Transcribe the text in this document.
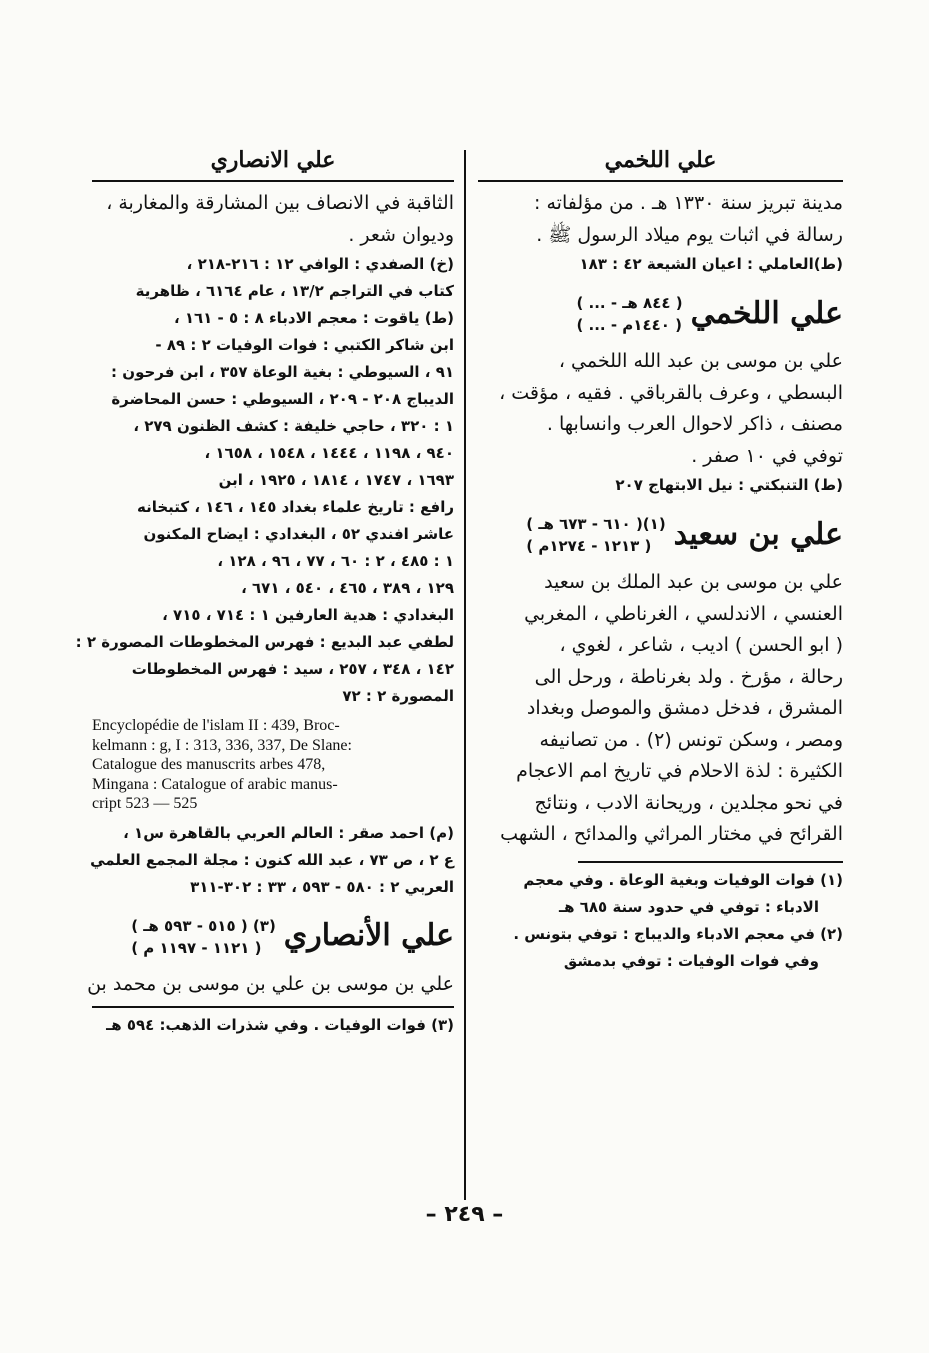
علي اللخمي
مدينة تبريز سنة ١٣٣٠ هـ . من مؤلفاته :
رسالة في اثبات يوم ميلاد الرسول ﷺ .
(ط)العاملي : اعيان الشيعة ٤٢ : ١٨٣
علي اللخمي
( ... - ٨٤٤ هـ )
( ... - ١٤٤٠م )
علي بن موسى بن عبد الله اللخمي ،
البسطي ، وعرف بالقرباقي . فقيه ، مؤقت ،
مصنف ، ذاكر لاحوال العرب وانسابها .
توفي في ١٠ صفر .
(ط) التنبكتي : نيل الابتهاج ٢٠٧
علي بن سعيد
( ٦١٠ - ٦٧٣ هـ )(١)
( ١٢١٣ - ١٢٧٤م )
علي بن موسى بن عبد الملك بن سعيد
العنسي ، الاندلسي ، الغرناطي ، المغربي
( ابو الحسن ) اديب ، شاعر ، لغوي ،
رحالة ، مؤرخ . ولد بغرناطة ، ورحل الى
المشرق ، فدخل دمشق والموصل وبغداد
ومصر ، وسكن تونس (٢) . من تصانيفه
الكثيرة : لذة الاحلام في تاريخ امم الاعجام
في نحو مجلدين ، وريحانة الادب ، ونتائج
القرائح في مختار المراثي والمدائح ، الشهب
(١) فوات الوفيات وبغية الوعاة . وفي معجم
الادباء : توفي في حدود سنة ٦٨٥ هـ
(٢) في معجم الادباء والديباج : توفي بتونس .
وفي فوات الوفيات : توفي بدمشق
علي الانصاري
الثاقبة في الانصاف بين المشارقة والمغاربة ،
وديوان شعر .
(خ) الصفدي : الوافي ١٢ : ٢١٦-٢١٨ ،
كتاب في التراجم ١٣/٢ ، عام ٦١٦٤ ، ظاهرية
(ط) ياقوت : معجم الادباء ٨ : ٥ - ١٦١ ،
ابن شاكر الكتبي : فوات الوفيات ٢ : ٨٩ -
٩١ ، السيوطي : بغية الوعاة ٣٥٧ ، ابن فرحون :
الديباج ٢٠٨ - ٢٠٩ ، السيوطي : حسن المحاضرة
١ : ٣٢٠ ، حاجي خليفة : كشف الظنون ٢٧٩ ،
٩٤٠ ، ١١٩٨ ، ١٤٤٤ ، ١٥٤٨ ، ١٦٥٨ ،
١٦٩٣ ، ١٧٤٧ ، ١٨١٤ ، ١٩٢٥ ، ابن
رافع : تاريخ علماء بغداد ١٤٥ ، ١٤٦ ، كتبخانه
عاشر افندي ٥٢ ، البغدادي : ايضاح المكنون
١ : ٤٨٥ ، ٢ : ٦٠ ، ٧٧ ، ٩٦ ، ١٢٨ ،
١٢٩ ، ٣٨٩ ، ٤٦٥ ، ٥٤٠ ، ٦٧١ ،
البغدادي : هدية العارفين ١ : ٧١٤ ، ٧١٥ ،
لطفي عبد البديع : فهرس المخطوطات المصورة ٢ :
١٤٢ ، ٣٤٨ ، ٢٥٧ ، سيد : فهرس المخطوطات
المصورة ٢ : ٧٢
Encyclopédie de l'islam II : 439, Broc-
kelmann : g, I : 313, 336, 337, De Slane:
Catalogue des manuscrits arbes 478,
Mingana : Catalogue of arabic manus-
cript 523 — 525
(م) احمد صقر : العالم العربي بالقاهرة س١ ،
ع ٢ ، ص ٧٣ ، عبد الله كنون : مجلة المجمع العلمي
العربي ٢ : ٥٨٠ - ٥٩٣ ، ٣٣ : ٣٠٢-٣١١
علي الأنصاري
( ٥١٥ - ٥٩٣ هـ ) (٣)
( ١١٢١ - ١١٩٧ م )
علي بن موسى بن علي بن موسى بن محمد بن
(٣) فوات الوفيات . وفي شذرات الذهب: ٥٩٤ هـ
– ٢٤٩ –
